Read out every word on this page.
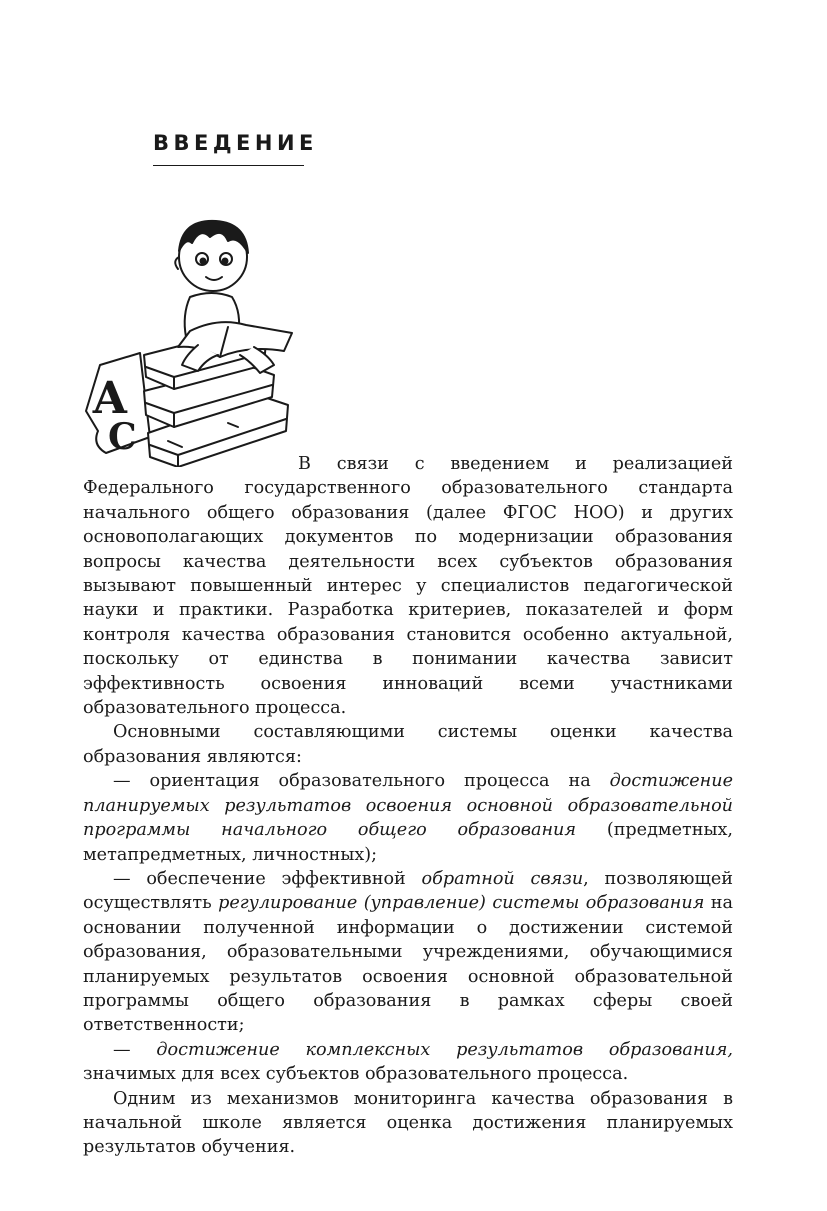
ВВЕДЕНИЕ
А
С

В связи с введением и реализацией Федерального государственного образовательного стандарта начального общего образования (далее ФГОС НОО) и других основополагающих документов по модернизации образования вопросы качества деятельности всех субъектов образования вызывают повышенный интерес у специалистов педагогической науки и практики. Разработка критериев, показателей и форм контроля качества образования становится особенно актуальной, поскольку от единства в понимании качества зависит эффективность освоения инноваций всеми участниками образовательного процесса.

Основными составляющими системы оценки качества образования являются:

— ориентация образовательного процесса на достижение планируемых результатов освоения основной образовательной программы начального общего образования (предметных, метапредметных, личностных);

— обеспечение эффективной обратной связи, позволяющей осуществлять регулирование (управление) системы образования на основании полученной информации о достижении системой образования, образовательными учреждениями, обучающимися планируемых результатов освоения основной образовательной программы общего образования в рамках сферы своей ответственности;

— достижение комплексных результатов образования, значимых для всех субъектов образовательного процесса.

Одним из механизмов мониторинга качества образования в начальной школе является оценка достижения планируемых результатов обучения.
